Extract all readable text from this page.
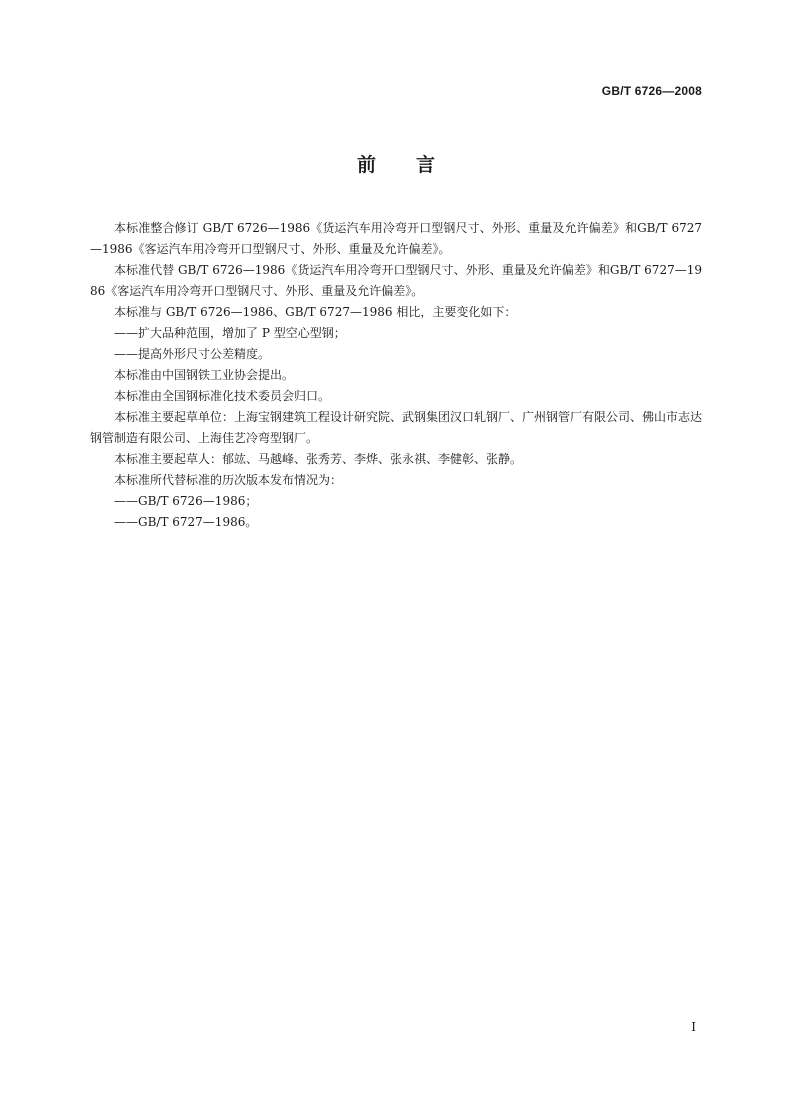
GB/T 6726—2008
前言

本标准整合修订 GB/T 6726—1986《货运汽车用冷弯开口型钢尺寸、外形、重量及允许偏差》和GB/T 6727—1986《客运汽车用冷弯开口型钢尺寸、外形、重量及允许偏差》。

本标准代替 GB/T 6726—1986《货运汽车用冷弯开口型钢尺寸、外形、重量及允许偏差》和GB/T 6727—1986《客运汽车用冷弯开口型钢尺寸、外形、重量及允许偏差》。

本标准与 GB/T 6726—1986、GB/T 6727—1986 相比，主要变化如下：

——扩大品种范围，增加了 P 型空心型钢；

——提高外形尺寸公差精度。

本标准由中国钢铁工业协会提出。

本标准由全国钢标准化技术委员会归口。

本标准主要起草单位：上海宝钢建筑工程设计研究院、武钢集团汉口轧钢厂、广州钢管厂有限公司、佛山市志达钢管制造有限公司、上海佳艺冷弯型钢厂。

本标准主要起草人：郁竑、马越峰、张秀芳、李烨、张永祺、李健彰、张静。

本标准所代替标准的历次版本发布情况为：

——GB/T 6726—1986；

——GB/T 6727—1986。

I
